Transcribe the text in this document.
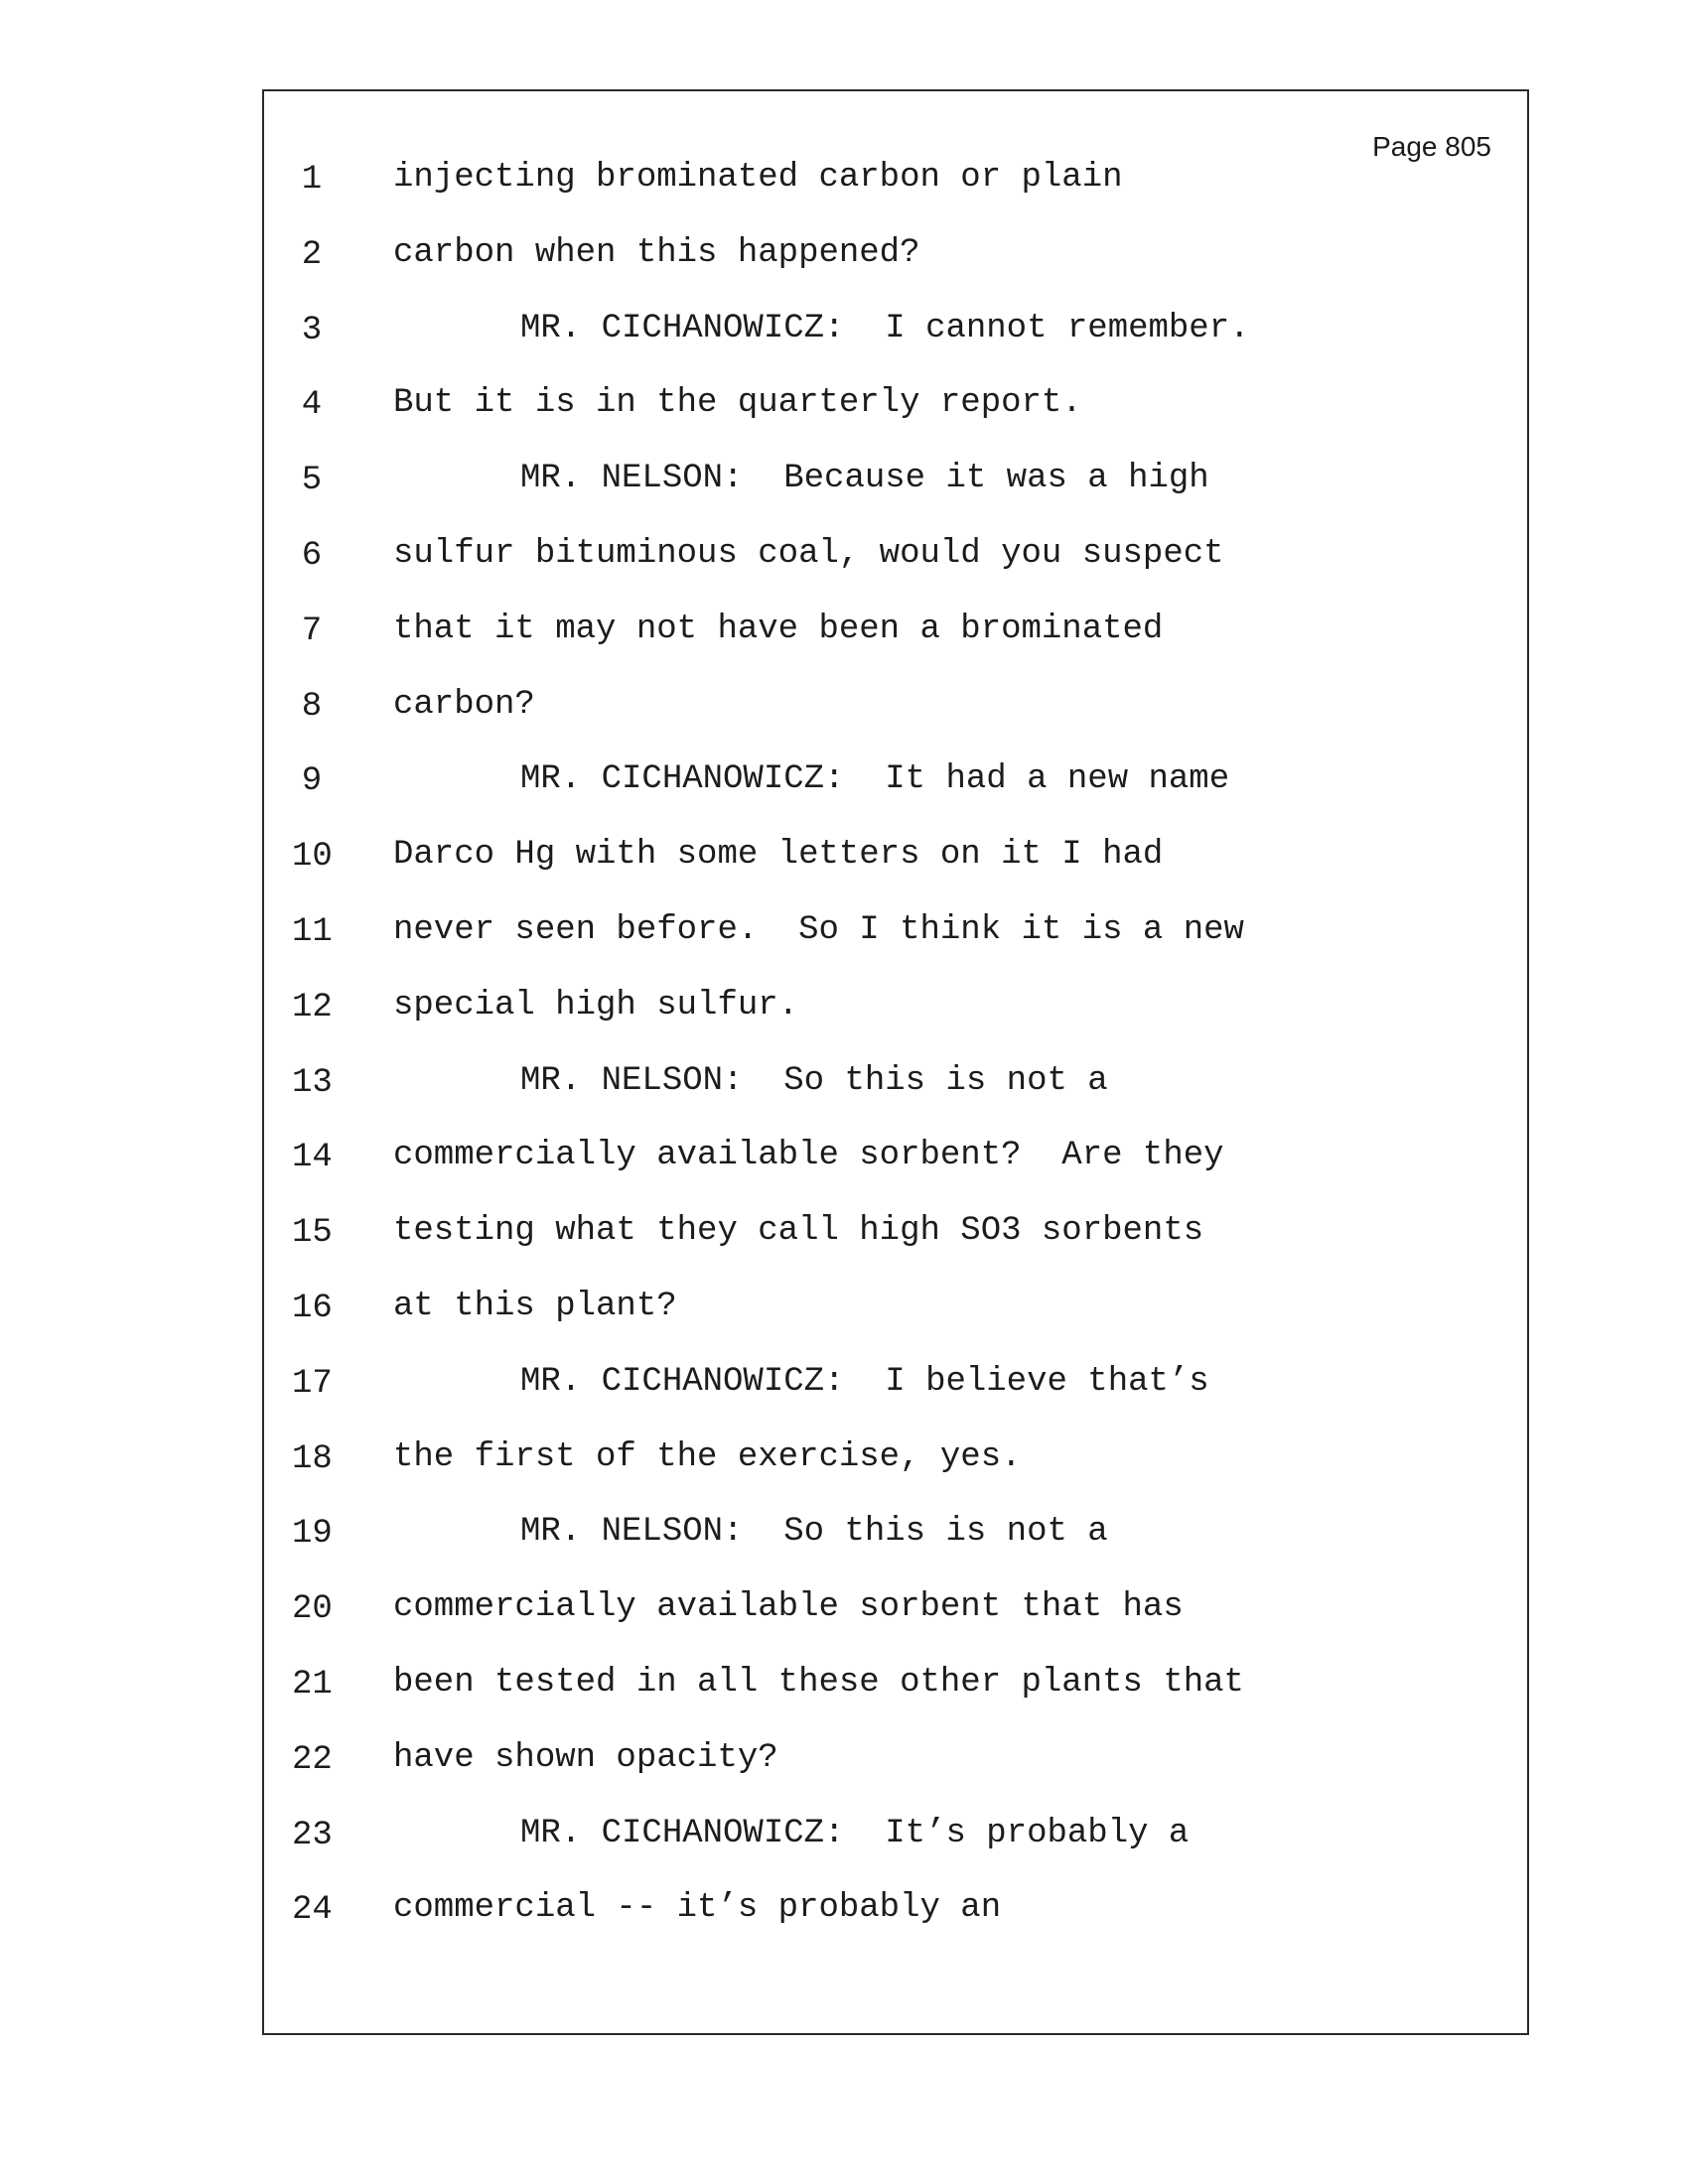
Page 805
1 injecting brominated carbon or plain
2 carbon when this happened?
3	MR. CICHANOWICZ:  I cannot remember.
4 But it is in the quarterly report.
5	MR. NELSON:  Because it was a high
6 sulfur bituminous coal, would you suspect
7 that it may not have been a brominated
8 carbon?
9	MR. CICHANOWICZ:  It had a new name
10 Darco Hg with some letters on it I had
11 never seen before.  So I think it is a new
12 special high sulfur.
13	MR. NELSON:  So this is not a
14 commercially available sorbent?  Are they
15 testing what they call high SO3 sorbents
16 at this plant?
17	MR. CICHANOWICZ:  I believe that’s
18 the first of the exercise, yes.
19	MR. NELSON:  So this is not a
20 commercially available sorbent that has
21 been tested in all these other plants that
22 have shown opacity?
23	MR. CICHANOWICZ:  It’s probably a
24 commercial -- it’s probably an
